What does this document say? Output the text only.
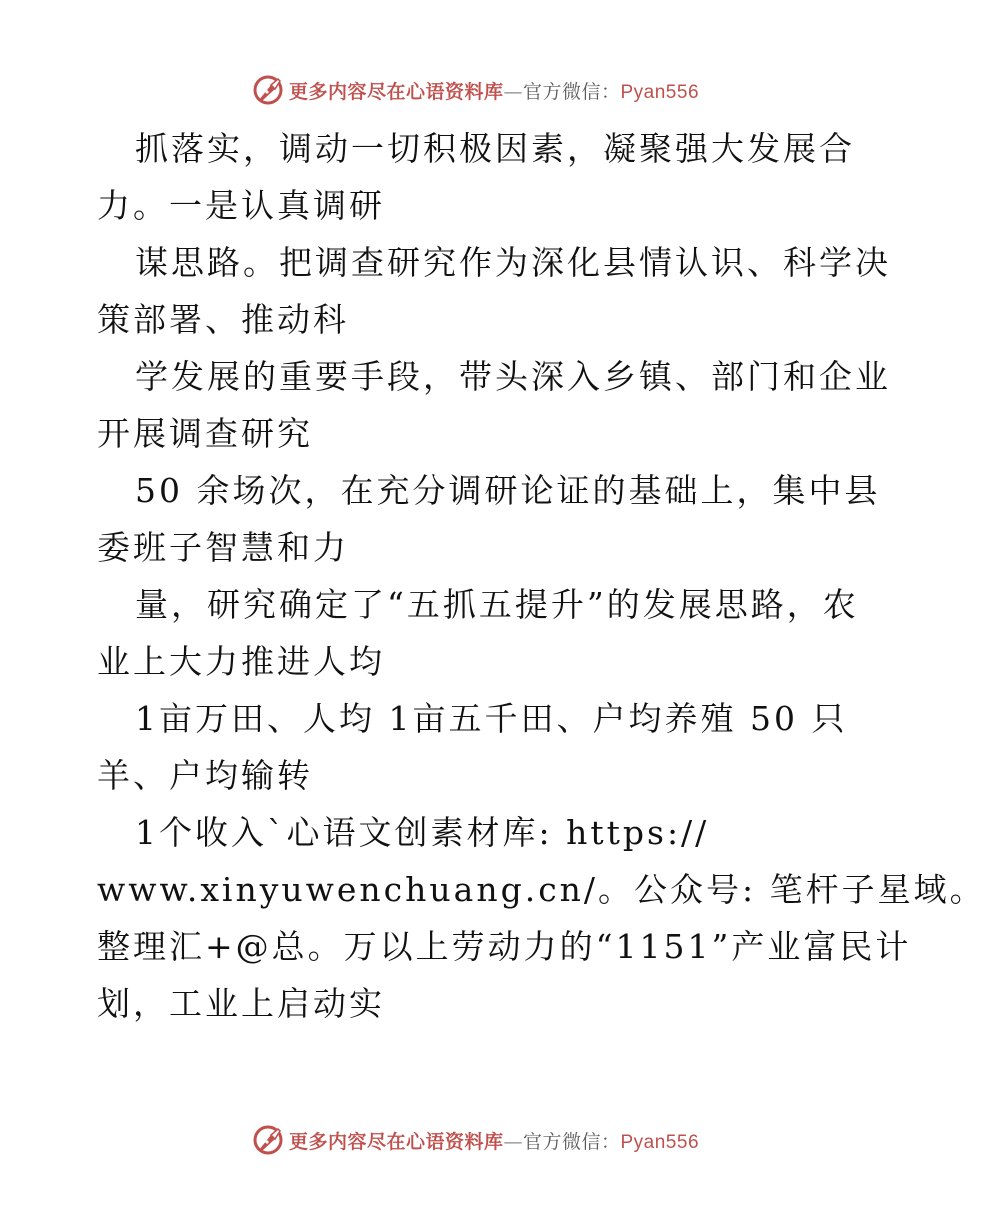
更多内容尽在心语资料库—官方微信：Pyan556
抓落实，调动一切积极因素，凝聚强大发展合
力。一是认真调研
谋思路。把调查研究作为深化县情认识、科学决
策部署、推动科
学发展的重要手段，带头深入乡镇、部门和企业
开展调查研究
50 余场次，在充分调研论证的基础上，集中县
委班子智慧和力
量，研究确定了“五抓五提升”的发展思路，农
业上大力推进人均
1亩万田、人均 1亩五千田、户均养殖 50 只
羊、户均输转
1个收入`心语文创素材库: https://
www.xinyuwenchuang.cn/。公众号: 笔杆子星域。
整理汇+@总。万以上劳动力的“1151”产业富民计
划，工业上启动实
更多内容尽在心语资料库—官方微信：Pyan556
